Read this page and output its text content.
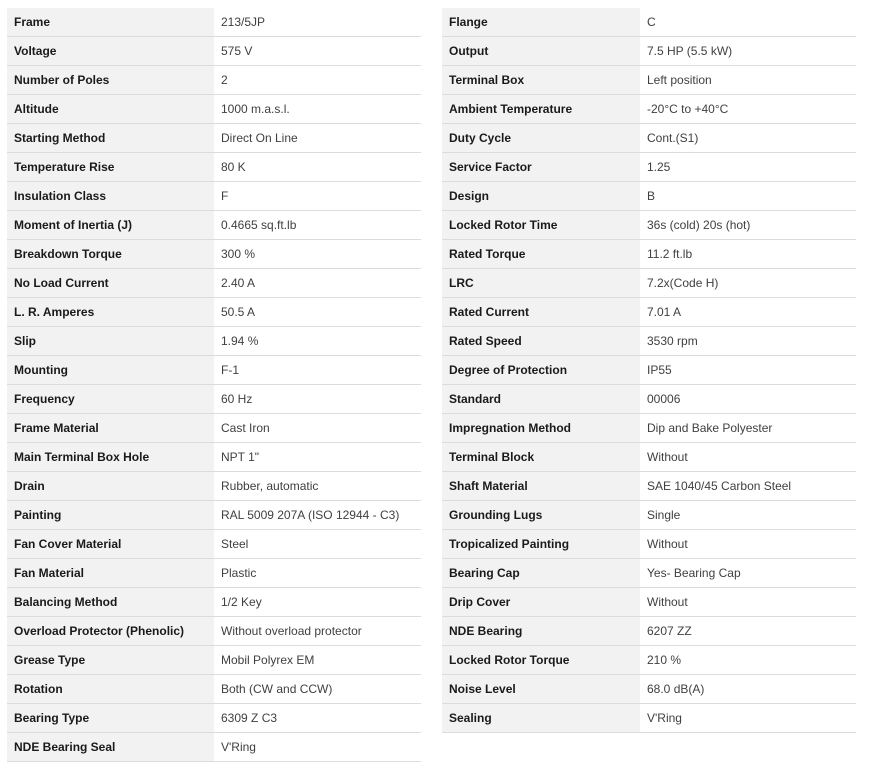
Frame	213/5JP
Voltage	575 V
Number of Poles	2
Altitude	1000 m.a.s.l.
Starting Method	Direct On Line
Temperature Rise	80 K
Insulation Class	F
Moment of Inertia (J)	0.4665 sq.ft.lb
Breakdown Torque	300 %
No Load Current	2.40 A
L. R. Amperes	50.5 A
Slip	1.94 %
Mounting	F-1
Frequency	60 Hz
Frame Material	Cast Iron
Main Terminal Box Hole	NPT 1"
Drain	Rubber, automatic
Painting	RAL 5009 207A (ISO 12944 - C3)
Fan Cover Material	Steel
Fan Material	Plastic
Balancing Method	1/2 Key
Overload Protector (Phenolic)	Without overload protector
Grease Type	Mobil Polyrex EM
Rotation	Both (CW and CCW)
Bearing Type	6309 Z C3
NDE Bearing Seal	V'Ring
Flange	C
Output	7.5 HP (5.5 kW)
Terminal Box	Left position
Ambient Temperature	-20°C to +40°C
Duty Cycle	Cont.(S1)
Service Factor	1.25
Design	B
Locked Rotor Time	36s (cold) 20s (hot)
Rated Torque	11.2 ft.lb
LRC	7.2x(Code H)
Rated Current	7.01 A
Rated Speed	3530 rpm
Degree of Protection	IP55
Standard	00006
Impregnation Method	Dip and Bake Polyester
Terminal Block	Without
Shaft Material	SAE 1040/45 Carbon Steel
Grounding Lugs	Single
Tropicalized Painting	Without
Bearing Cap	Yes- Bearing Cap
Drip Cover	Without
NDE Bearing	6207 ZZ
Locked Rotor Torque	210 %
Noise Level	68.0 dB(A)
Sealing	V'Ring
